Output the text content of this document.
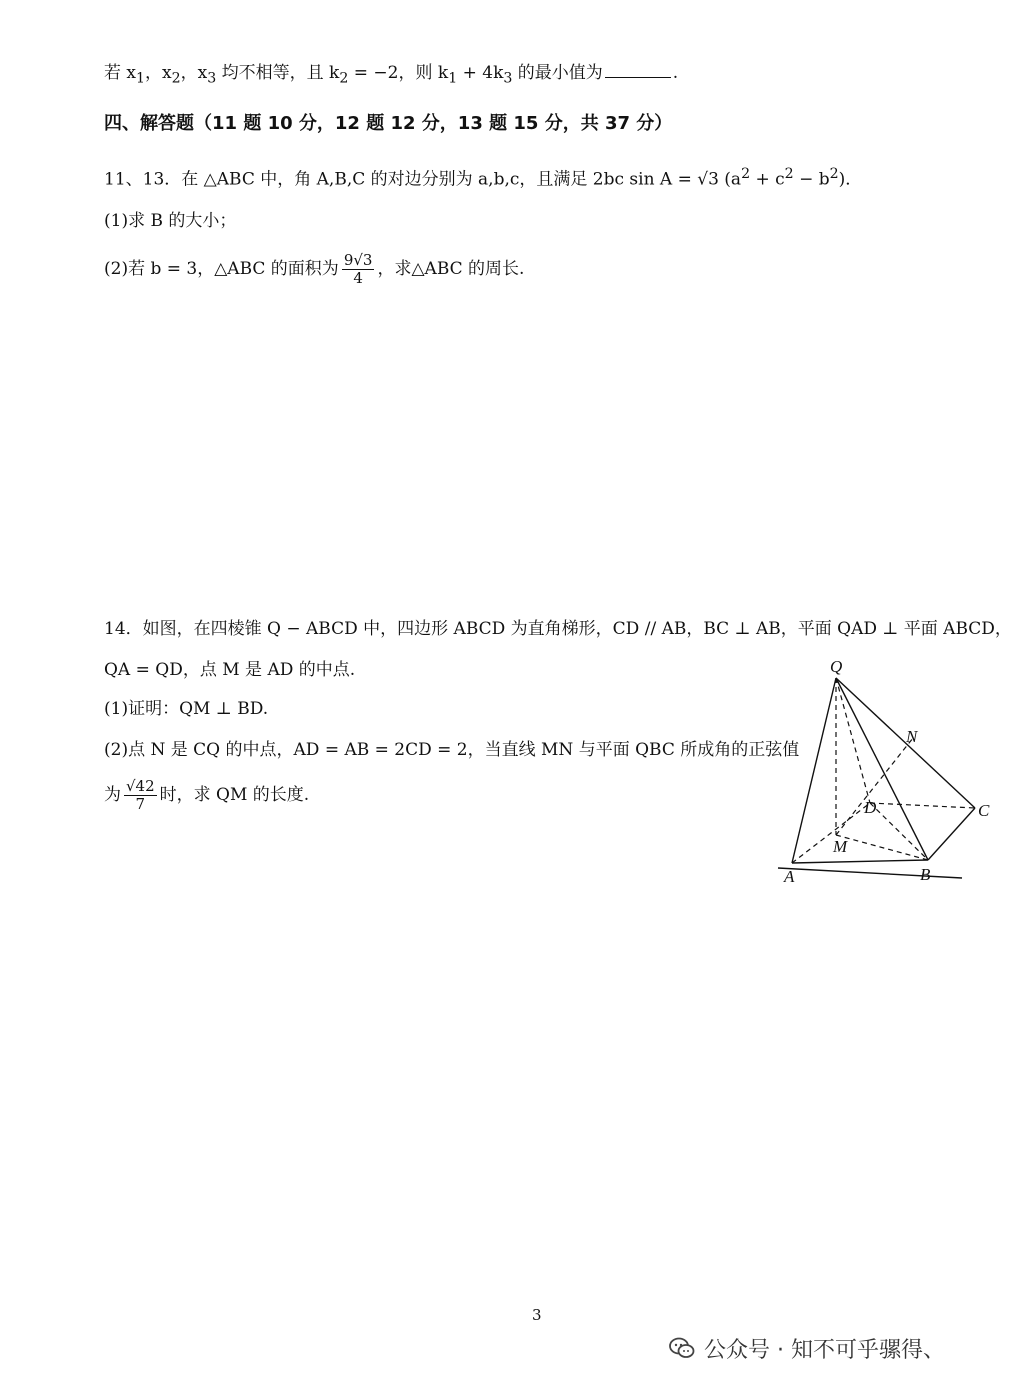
若 $x_1$，$x_2$，$x_3$ 均不相等，且 $k_2 = -2$，则 $k_1 + 4k_3$ 的最小值为	.
四、解答题（11 题 10 分，12 题 12 分，13 题 15 分，共 37 分）
11、13．在 △ABC 中，角 A,B,C 的对边分别为 a,b,c，且满足 2bc sin A = √3 $(a^2 + c^2 - b^2)$．
(1)求 B 的大小；
(2)若 b = 3，△ABC 的面积为 $\frac{9√3}{4}$ ，求△ABC 的周长.
14．如图，在四棱锥 Q − ABCD 中，四边形 ABCD 为直角梯形，CD // AB，BC ⊥ AB，平面 QAD ⊥ 平面 ABCD，
QA = QD，点 M 是 AD 的中点.
(1)证明：QM ⊥ BD.
(2)点 N 是 CQ 的中点，AD = AB = 2CD = 2，当直线 MN 与平面 QBC 所成角的正弦值
为 $\frac{√42}{7}$ 时，求 QM 的长度.
Q
N
C
D
M
A	B
3
公众号 · 知不可乎骡得、
